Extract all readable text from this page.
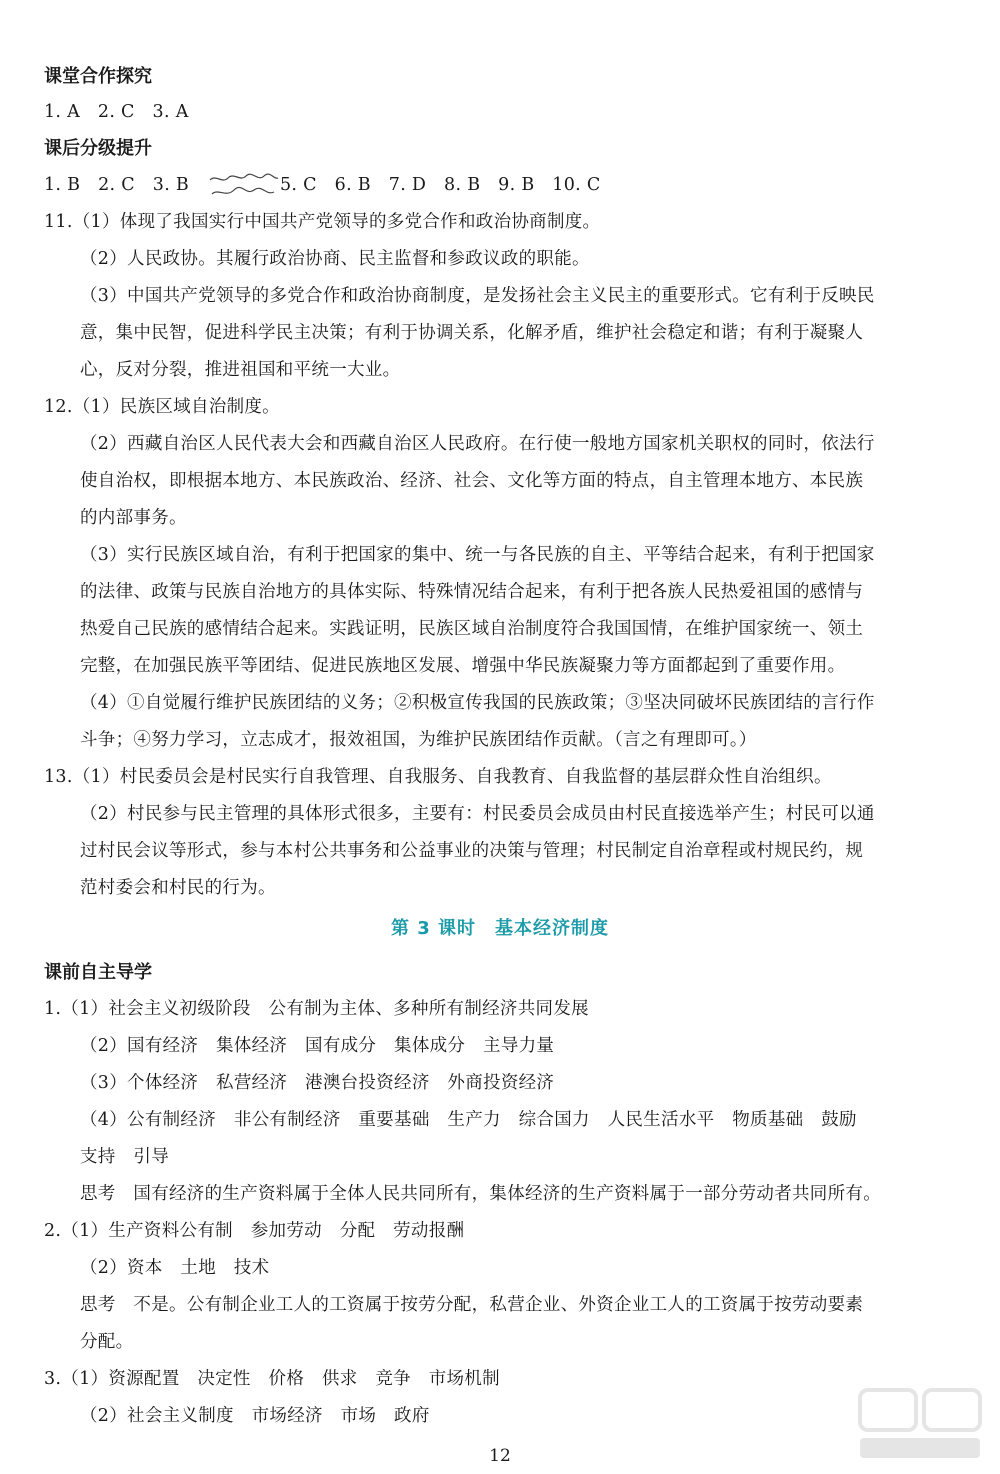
课堂合作探究
1. A　2. C　3. A
课后分级提升
1. B　2. C　3. B	5. C　6. B　7. D　8. B　9. B　10. C
11.（1）体现了我国实行中国共产党领导的多党合作和政治协商制度。
（2）人民政协。其履行政治协商、民主监督和参政议政的职能。
（3）中国共产党领导的多党合作和政治协商制度，是发扬社会主义民主的重要形式。它有利于反映民
意，集中民智，促进科学民主决策；有利于协调关系，化解矛盾，维护社会稳定和谐；有利于凝聚人
心，反对分裂，推进祖国和平统一大业。
12.（1）民族区域自治制度。
（2）西藏自治区人民代表大会和西藏自治区人民政府。在行使一般地方国家机关职权的同时，依法行
使自治权，即根据本地方、本民族政治、经济、社会、文化等方面的特点，自主管理本地方、本民族
的内部事务。
（3）实行民族区域自治，有利于把国家的集中、统一与各民族的自主、平等结合起来，有利于把国家
的法律、政策与民族自治地方的具体实际、特殊情况结合起来，有利于把各族人民热爱祖国的感情与
热爱自己民族的感情结合起来。实践证明，民族区域自治制度符合我国国情，在维护国家统一、领土
完整，在加强民族平等团结、促进民族地区发展、增强中华民族凝聚力等方面都起到了重要作用。
（4）①自觉履行维护民族团结的义务；②积极宣传我国的民族政策；③坚决同破坏民族团结的言行作
斗争；④努力学习，立志成才，报效祖国，为维护民族团结作贡献。（言之有理即可。）
13.（1）村民委员会是村民实行自我管理、自我服务、自我教育、自我监督的基层群众性自治组织。
（2）村民参与民主管理的具体形式很多，主要有：村民委员会成员由村民直接选举产生；村民可以通
过村民会议等形式，参与本村公共事务和公益事业的决策与管理；村民制定自治章程或村规民约，规
范村委会和村民的行为。
第 3 课时　基本经济制度
课前自主导学
1.（1）社会主义初级阶段　公有制为主体、多种所有制经济共同发展
（2）国有经济　集体经济　国有成分　集体成分　主导力量
（3）个体经济　私营经济　港澳台投资经济　外商投资经济
（4）公有制经济　非公有制经济　重要基础　生产力　综合国力　人民生活水平　物质基础　鼓励
支持　引导
思考　国有经济的生产资料属于全体人民共同所有，集体经济的生产资料属于一部分劳动者共同所有。
2.（1）生产资料公有制　参加劳动　分配　劳动报酬
（2）资本　土地　技术
思考　不是。公有制企业工人的工资属于按劳分配，私营企业、外资企业工人的工资属于按劳动要素
分配。
3.（1）资源配置　决定性　价格　供求　竞争　市场机制
（2）社会主义制度　市场经济　市场　政府
12
